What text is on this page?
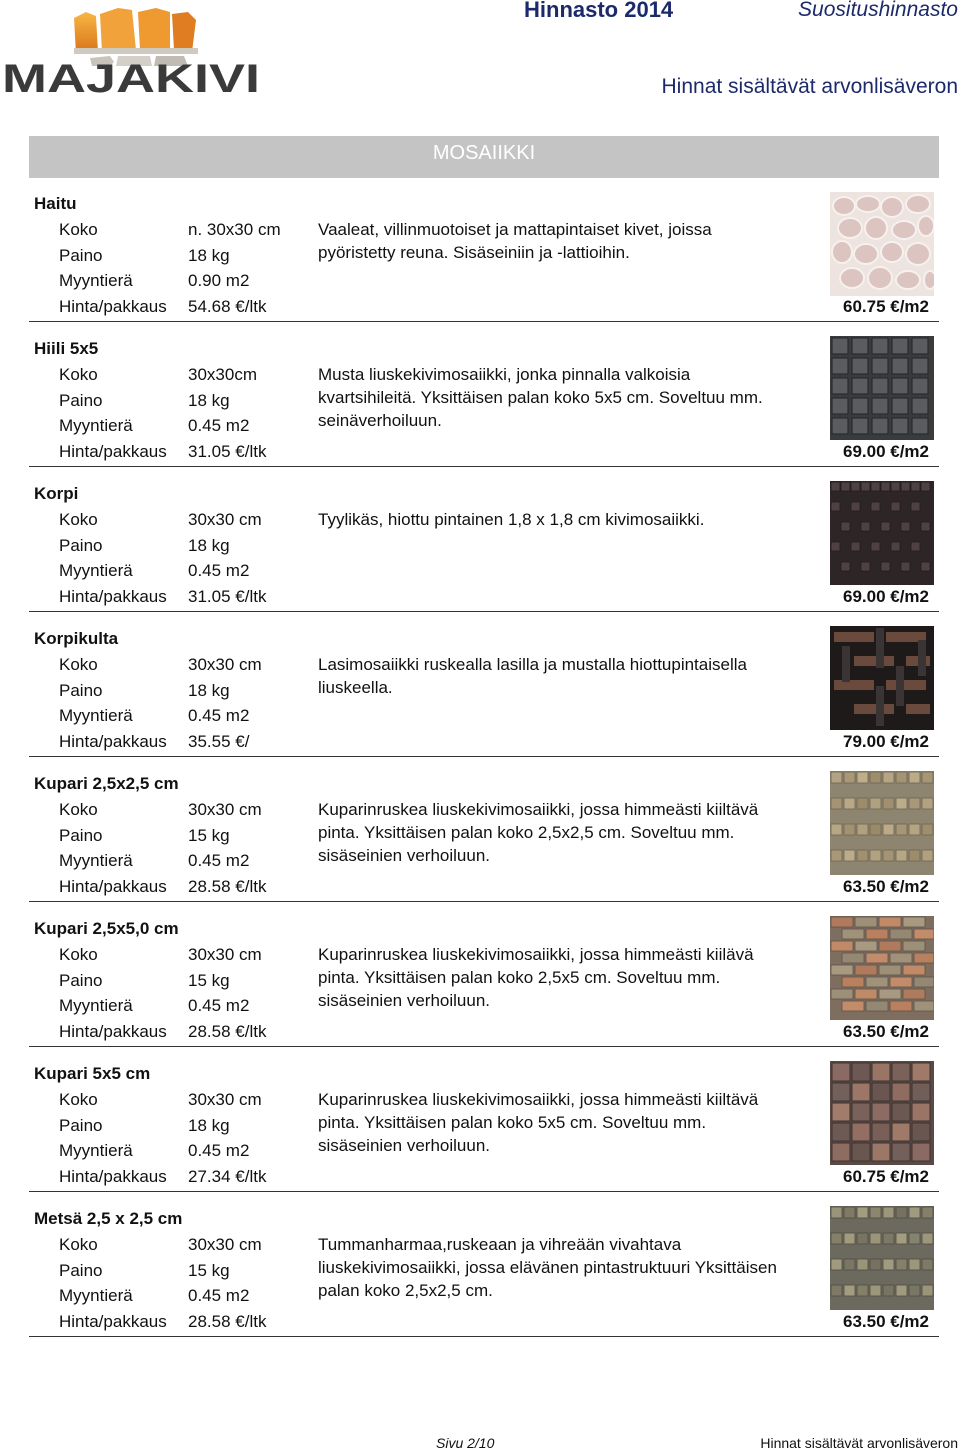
MAJAKIVI
Hinnasto 2014	Suositushinnasto
Hinnat sisältävät arvonlisäveron
MOSAIIKKI
Haitu
Koko	n. 30x30 cm
Paino	18 kg
Myyntierä	0.90 m2
Hinta/pakkaus	54.68 €/ltk
Vaaleat, villinmuotoiset ja mattapintaiset kivet, joissa pyöristetty reuna. Sisäseiniin ja -lattioihin.
60.75 €/m2
Hiili 5x5
Koko	30x30cm
Paino	18 kg
Myyntierä	0.45 m2
Hinta/pakkaus	31.05 €/ltk
Musta liuskekivimosaiikki, jonka pinnalla valkoisia kvartsihileitä. Yksittäisen palan koko 5x5 cm. Soveltuu mm. seinäverhoiluun.
69.00 €/m2
Korpi
Koko	30x30 cm
Paino	18 kg
Myyntierä	0.45 m2
Hinta/pakkaus	31.05 €/ltk
Tyylikäs, hiottu pintainen 1,8 x 1,8 cm kivimosaiikki.
69.00 €/m2
Korpikulta
Koko	30x30 cm
Paino	18 kg
Myyntierä	0.45 m2
Hinta/pakkaus	35.55 €/
Lasimosaiikki ruskealla lasilla ja mustalla hiottupintaisella liuskeella.
79.00 €/m2
Kupari 2,5x2,5 cm
Koko	30x30 cm
Paino	15 kg
Myyntierä	0.45 m2
Hinta/pakkaus	28.58 €/ltk
Kuparinruskea liuskekivimosaiikki, jossa himmeästi kiiltävä pinta. Yksittäisen palan koko 2,5x2,5 cm. Soveltuu mm. sisäseinien verhoiluun.
63.50 €/m2
Kupari 2,5x5,0 cm
Koko	30x30 cm
Paino	15 kg
Myyntierä	0.45 m2
Hinta/pakkaus	28.58 €/ltk
Kuparinruskea liuskekivimosaiikki, jossa himmeästi kiilävä pinta. Yksittäisen palan koko 2,5x5 cm. Soveltuu mm. sisäseinien verhoiluun.
63.50 €/m2
Kupari 5x5 cm
Koko	30x30 cm
Paino	18 kg
Myyntierä	0.45 m2
Hinta/pakkaus	27.34 €/ltk
Kuparinruskea liuskekivimosaiikki, jossa himmeästi kiiltävä pinta. Yksittäisen palan koko 5x5 cm. Soveltuu mm. sisäseinien verhoiluun.
60.75 €/m2
Metsä 2,5 x 2,5 cm
Koko	30x30 cm
Paino	15 kg
Myyntierä	0.45 m2
Hinta/pakkaus	28.58 €/ltk
Tummanharmaa,ruskeaan ja vihreään vivahtava liuskekivimosaiikki, jossa elävänen pintastruktuuri Yksittäisen palan koko 2,5x2,5 cm.
63.50 €/m2
Sivu 2/10	Hinnat sisältävät arvonlisäveron
